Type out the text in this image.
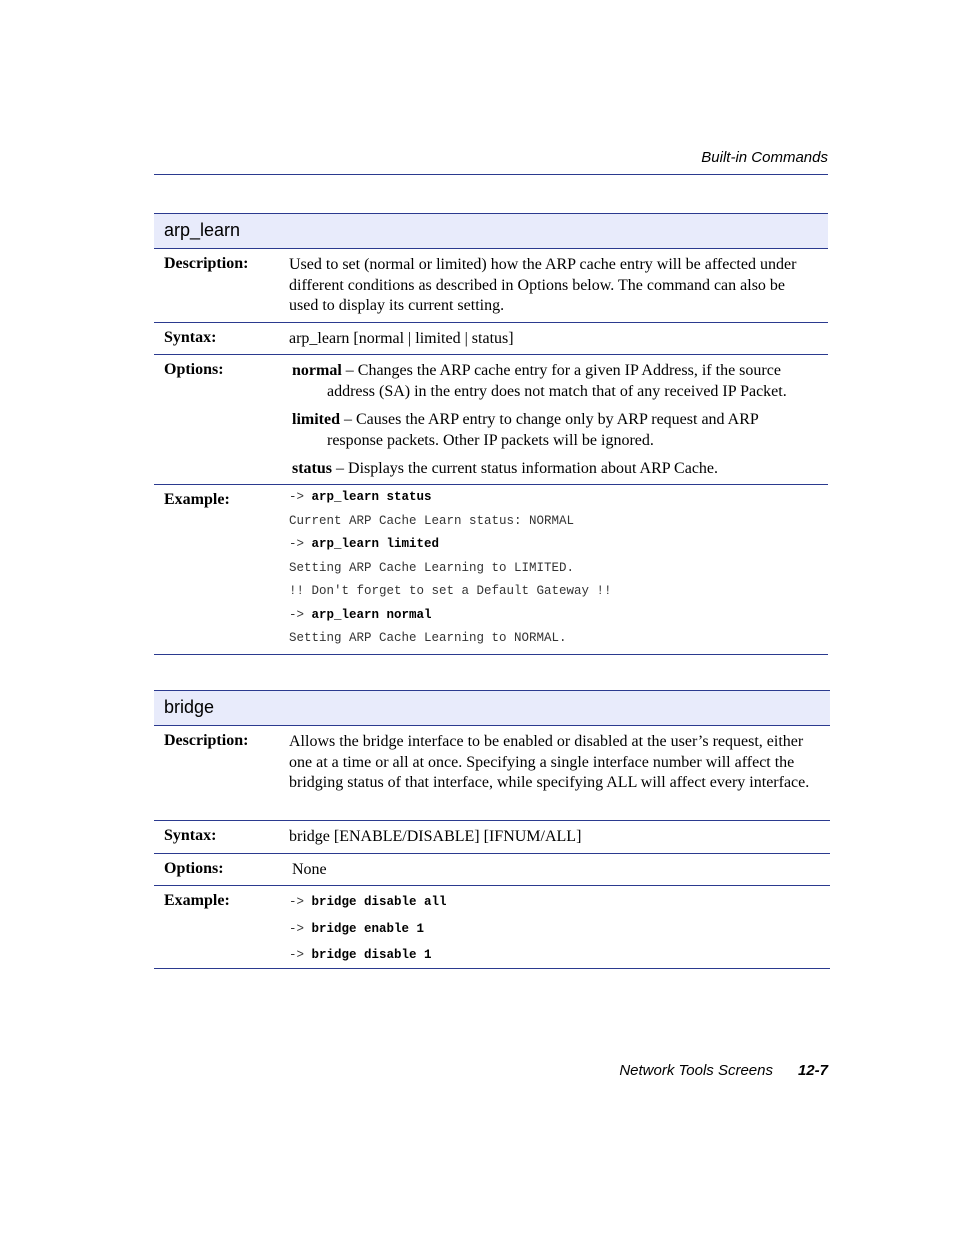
Built-in Commands
arp_learn
Description:	Used to set (normal or limited) how the ARP cache entry will be affected under different conditions as described in Options below. The command can also be used to display its current setting.
Syntax:	arp_learn [normal | limited | status]
Options:	normal – Changes the ARP cache entry for a given IP Address, if the source address (SA) in the entry does not match that of any received IP Packet.
limited – Causes the ARP entry to change only by ARP request and ARP response packets. Other IP packets will be ignored.
status – Displays the current status information about ARP Cache.
Example:	-> arp_learn status
Current ARP Cache Learn status: NORMAL
-> arp_learn limited
Setting ARP Cache Learning to LIMITED.
!! Don't forget to set a Default Gateway !!
-> arp_learn normal
Setting ARP Cache Learning to NORMAL.
bridge
Description:	Allows the bridge interface to be enabled or disabled at the user’s request, either one at a time or all at once. Specifying a single interface number will affect the bridging status of that interface, while specifying ALL will affect every interface.
Syntax:	bridge [ENABLE/DISABLE] [IFNUM/ALL]
Options:	None
Example:	-> bridge disable all
-> bridge enable 1
-> bridge disable 1
Network Tools Screens 12-7
